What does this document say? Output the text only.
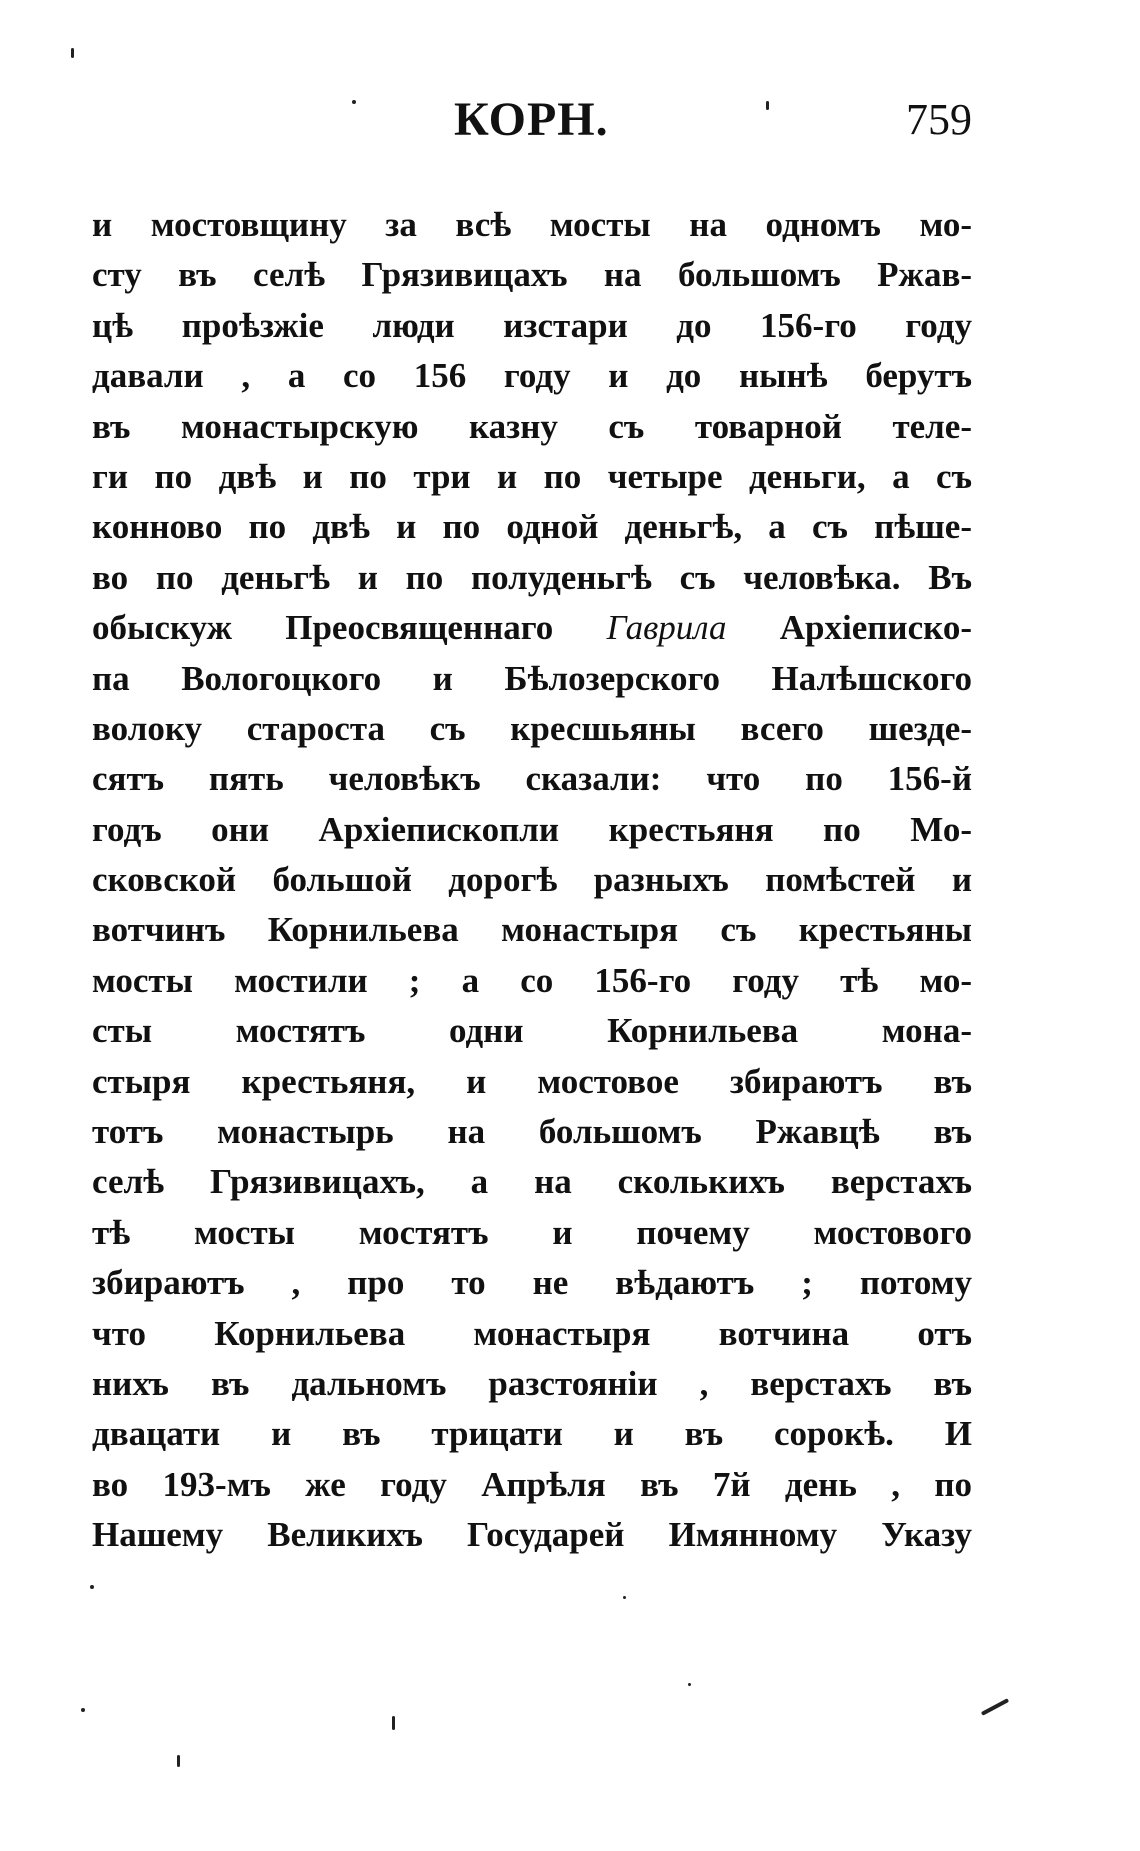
КОРН.	759
и мостовщину за всѣ мосты на одномъ мо-
сту въ селѣ Грязивицахъ на большомъ Ржав-
цѣ проѣзжіе люди изстари до 156-го году
давали , а со 156 году и до нынѣ берутъ
въ монастырскую казну съ товарной теле-
ги по двѣ и по три и по четыре деньги, а съ
конново по двѣ и по одной деньгѣ, а съ пѣше-
во по деньгѣ и по полуденьгѣ съ человѣка. Въ
обыскуж Преосвященнаго Гаврила Архіеписко-
па Вологоцкого и Бѣлозерского Налѣшского
волоку староста съ кресшьяны всего шезде-
сятъ пять человѣкъ сказали: что по 156-й
годъ они Архіепископли крестьяня по Мо-
сковской большой дорогѣ разныхъ помѣстей и
вотчинъ Корнильева монастыря съ крестьяны
мосты мостили ; а со 156-го году тѣ мо-
сты мостятъ одни Корнильева мона-
стыря крестьяня, и мостовое збираютъ въ
тотъ монастырь на большомъ Ржавцѣ въ
селѣ Грязивицахъ, а на сколькихъ верстахъ
тѣ мосты мостятъ и почему мостового
збираютъ , про то не вѣдаютъ ; потому
что Корнильева монастыря вотчина отъ
нихъ въ дальномъ разстояніи , верстахъ въ
двацати и въ трицати и въ сорокѣ. И
во 193-мъ же году Апрѣля въ 7й день , по
Нашему Великихъ Государей Имянному Указу
